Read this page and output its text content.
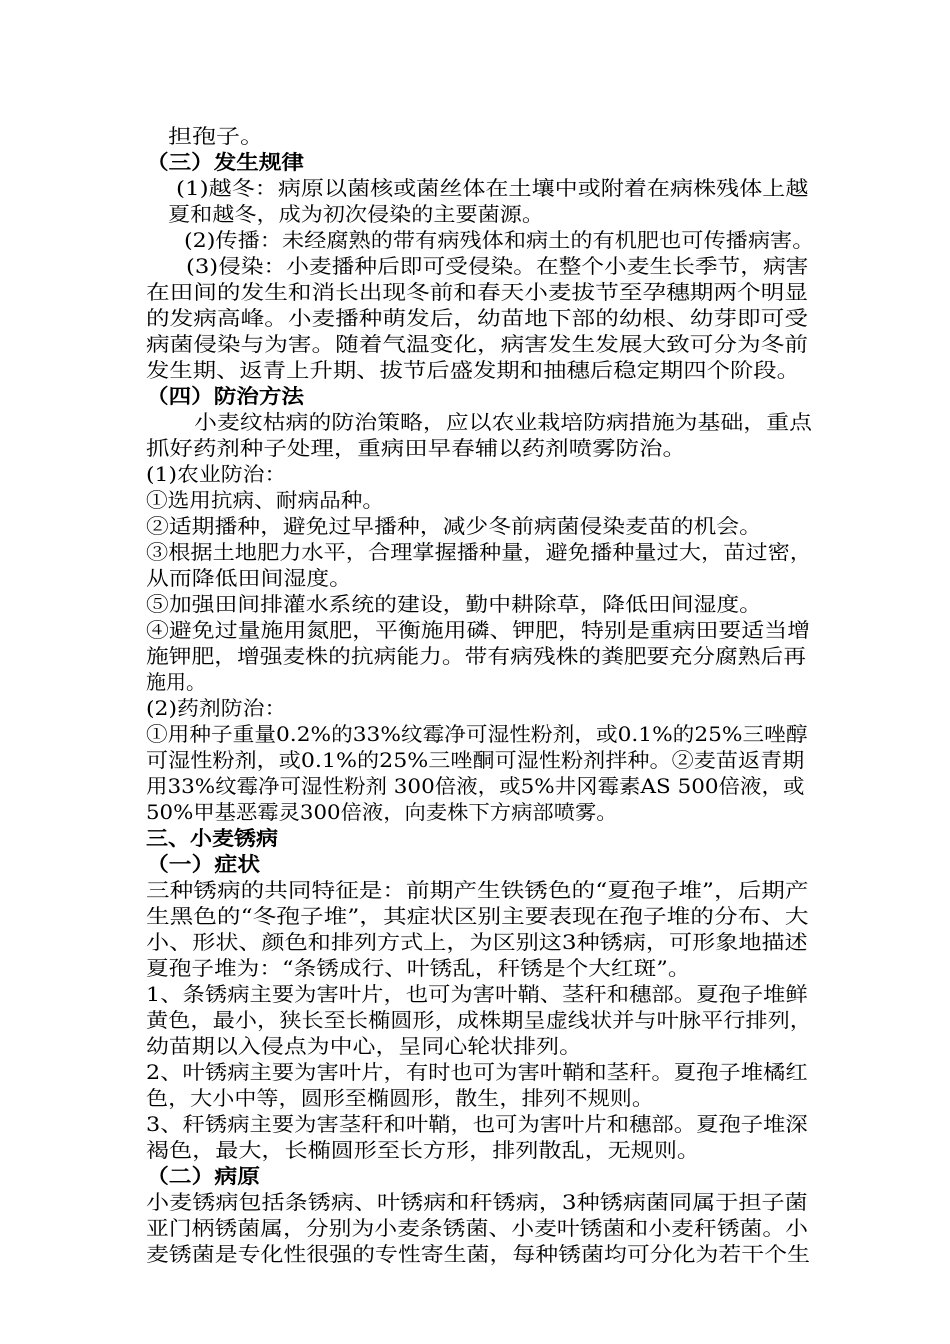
担孢子。
（三）发生规律
(1)越冬：病原以菌核或菌丝体在土壤中或附着在病株残体上越
夏和越冬，成为初次侵染的主要菌源。
(2)传播：未经腐熟的带有病残体和病土的有机肥也可传播病害。
(3)侵染：小麦播种后即可受侵染。在整个小麦生长季节，病害
在田间的发生和消长出现冬前和春天小麦拔节至孕穗期两个明显
的发病高峰。小麦播种萌发后，幼苗地下部的幼根、幼芽即可受
病菌侵染与为害。随着气温变化，病害发生发展大致可分为冬前
发生期、返青上升期、拔节后盛发期和抽穗后稳定期四个阶段。
（四）防治方法
小麦纹枯病的防治策略，应以农业栽培防病措施为基础，重点
抓好药剂种子处理，重病田早春辅以药剂喷雾防治。
(1)农业防治：
①选用抗病、耐病品种。
②适期播种，避免过早播种，减少冬前病菌侵染麦苗的机会。
③根据土地肥力水平，合理掌握播种量，避免播种量过大，苗过密，
从而降低田间湿度。
⑤加强田间排灌水系统的建设，勤中耕除草，降低田间湿度。
④避免过量施用氮肥，平衡施用磷、钾肥，特别是重病田要适当增
施钾肥，增强麦株的抗病能力。带有病残株的粪肥要充分腐熟后再
施用。
(2)药剂防治：
①用种子重量0.2%的33%纹霉净可湿性粉剂，或0.1%的25%三唑醇
可湿性粉剂，或0.1%的25%三唑酮可湿性粉剂拌种。②麦苗返青期
用33%纹霉净可湿性粉剂 300倍液，或5%井冈霉素AS 500倍液，或
50%甲基恶霉灵300倍液，向麦株下方病部喷雾。
三、小麦锈病
（一）症状
三种锈病的共同特征是：前期产生铁锈色的“夏孢子堆”，后期产
生黑色的“冬孢子堆”，其症状区别主要表现在孢子堆的分布、大
小、形状、颜色和排列方式上，为区别这3种锈病，可形象地描述
夏孢子堆为：“条锈成行、叶锈乱，秆锈是个大红斑”。
1、条锈病主要为害叶片，也可为害叶鞘、茎秆和穗部。夏孢子堆鲜
黄色，最小，狭长至长椭圆形，成株期呈虚线状并与叶脉平行排列，
幼苗期以入侵点为中心，呈同心轮状排列。
2、叶锈病主要为害叶片，有时也可为害叶鞘和茎秆。夏孢子堆橘红
色，大小中等，圆形至椭圆形，散生，排列不规则。
3、秆锈病主要为害茎秆和叶鞘，也可为害叶片和穗部。夏孢子堆深
褐色，最大，长椭圆形至长方形，排列散乱，无规则。
（二）病原
小麦锈病包括条锈病、叶锈病和秆锈病，3种锈病菌同属于担子菌
亚门柄锈菌属，分别为小麦条锈菌、小麦叶锈菌和小麦秆锈菌。小
麦锈菌是专化性很强的专性寄生菌，每种锈菌均可分化为若干个生
